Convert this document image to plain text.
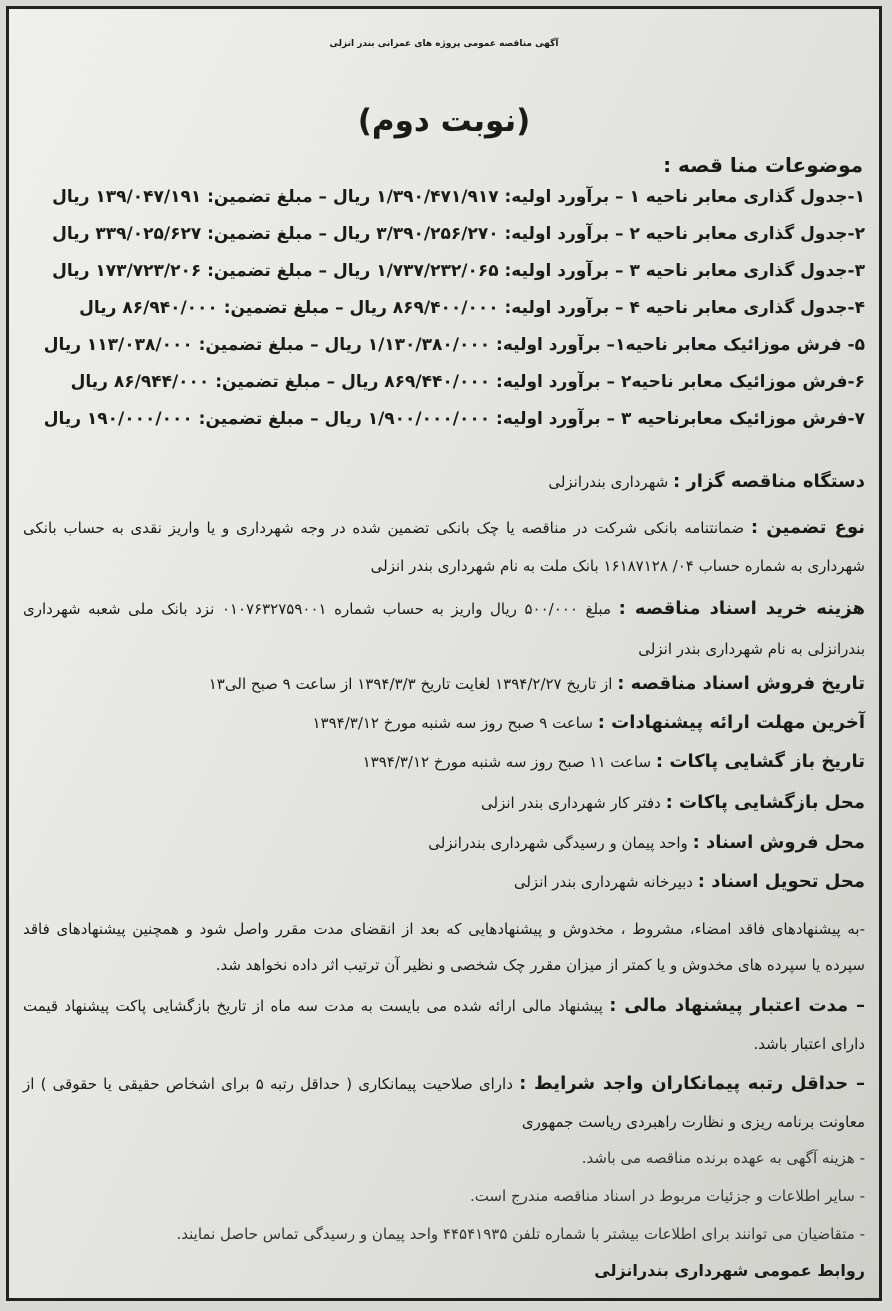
آگهی مناقصه عمومی پروژه های عمرانی بندر انزلی
(نوبت دوم)
موضوعات منا قصه :
۱-جدول گذاری معابر ناحیه ۱ – برآورد اولیه: ۱/۳۹۰/۴۷۱/۹۱۷ ریال – مبلغ تضمین: ۱۳۹/۰۴۷/۱۹۱ ریال
۲-جدول گذاری معابر ناحیه ۲ – برآورد اولیه: ۳/۳۹۰/۲۵۶/۲۷۰ ریال – مبلغ تضمین: ۳۳۹/۰۲۵/۶۲۷ ریال
۳-جدول گذاری معابر ناحیه ۳ – برآورد اولیه: ۱/۷۳۷/۲۳۲/۰۶۵ ریال – مبلغ تضمین: ۱۷۳/۷۲۳/۲۰۶ ریال
۴-جدول گذاری معابر ناحیه ۴ – برآورد اولیه: ۸۶۹/۴۰۰/۰۰۰ ریال – مبلغ تضمین: ۸۶/۹۴۰/۰۰۰ ریال
۵- فرش موزائیک معابر ناحیه۱– برآورد اولیه: ۱/۱۳۰/۳۸۰/۰۰۰ ریال – مبلغ تضمین: ۱۱۳/۰۳۸/۰۰۰ ریال
۶-فرش موزائیک معابر ناحیه۲ – برآورد اولیه: ۸۶۹/۴۴۰/۰۰۰ ریال – مبلغ تضمین: ۸۶/۹۴۴/۰۰۰ ریال
۷-فرش موزائیک معابرناحیه ۳ – برآورد اولیه: ۱/۹۰۰/۰۰۰/۰۰۰ ریال – مبلغ تضمین: ۱۹۰/۰۰۰/۰۰۰ ریال
دستگاه مناقصه گزار : شهرداری بندرانزلی
نوع تضمین : ضمانتنامه بانکی شرکت در مناقصه یا چک بانکی تضمین شده در وجه شهرداری و یا واریز نقدی به حساب بانکی شهرداری به شماره حساب ۰۴/ ۱۶۱۸۷۱۲۸ بانک ملت به نام شهرداری بندر انزلی
هزینه خرید اسناد مناقصه : مبلغ ۵۰۰/۰۰۰ ریال واریز به حساب شماره ۰۱۰۷۶۳۲۷۵۹۰۰۱ نزد بانک ملی شعبه شهرداری بندرانزلی به نام شهرداری بندر انزلی
تاریخ فروش اسناد مناقصه : از تاریخ ۱۳۹۴/۲/۲۷ لغایت تاریخ ۱۳۹۴/۳/۳ از ساعت ۹ صبح الی۱۳
آخرین مهلت ارائه پیشنهادات : ساعت ۹ صبح روز سه شنبه مورخ ۱۳۹۴/۳/۱۲
تاریخ باز گشایی پاکات : ساعت ۱۱ صبح روز سه شنبه مورخ ۱۳۹۴/۳/۱۲
محل بازگشایی پاکات : دفتر کار شهرداری بندر انزلی
محل فروش اسناد : واحد پیمان و رسیدگی شهرداری بندرانزلی
محل تحویل اسناد : دبیرخانه شهرداری بندر انزلی
-به پیشنهادهای فاقد امضاء، مشروط ، مخدوش و پیشنهادهایی که بعد از انقضای مدت مقرر واصل شود و همچنین پیشنهادهای فاقد سپرده یا سپرده های مخدوش و یا کمتر از میزان مقرر چک شخصی و نظیر آن ترتیب اثر داده نخواهد شد.
– مدت اعتبار پیشنهاد مالی : پیشنهاد مالی ارائه شده می بایست به مدت سه ماه از تاریخ بازگشایی پاکت پیشنهاد قیمت دارای اعتبار باشد.
– حداقل رتبه پیمانکاران واجد شرایط : دارای صلاحیت پیمانکاری ( حداقل رتبه ۵ برای اشخاص حقیقی یا حقوقی ) از معاونت برنامه ریزی و نظارت راهبردی ریاست جمهوری
- هزینه آگهی به عهده برنده مناقصه می باشد.
- سایر اطلاعات و جزئیات مربوط در اسناد مناقصه مندرج است.
- متقاضیان می توانند برای اطلاعات بیشتر با شماره تلفن ۴۴۵۴۱۹۳۵ واحد پیمان و رسیدگی تماس حاصل نمایند.
روابط عمومی شهرداری بندرانزلی
